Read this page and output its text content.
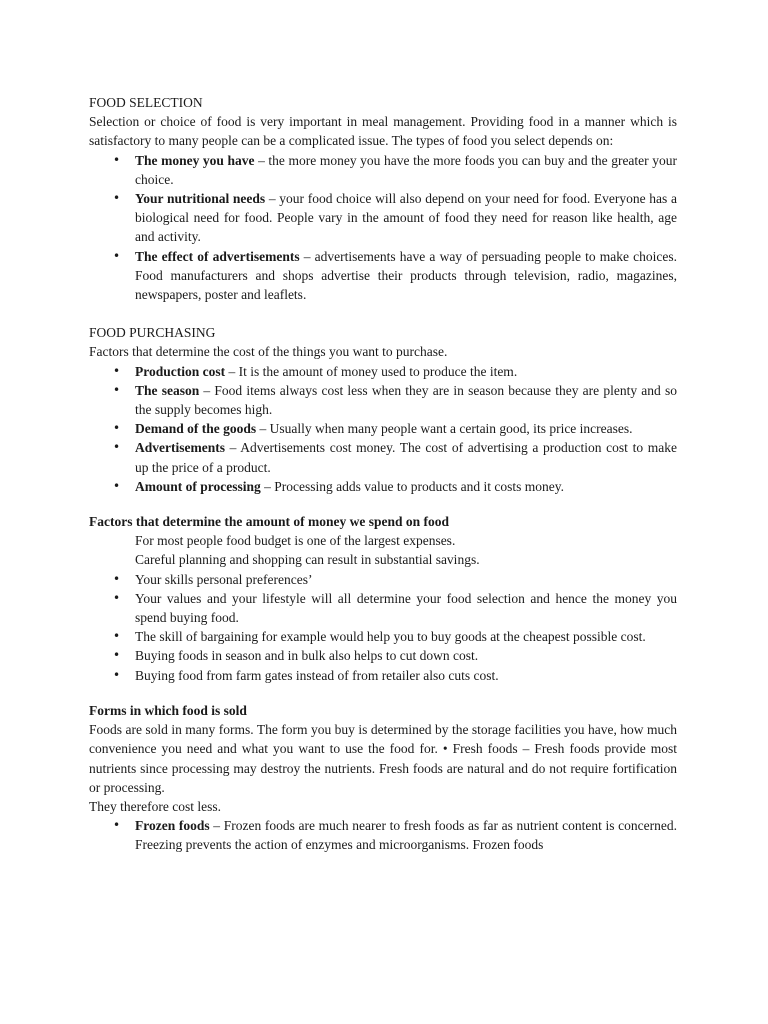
FOOD SELECTION

Selection or choice of food is very important in meal management. Providing food in a manner which is satisfactory to many people can be a complicated issue. The types of food you select depends on:

• The money you have – the more money you have the more foods you can buy and the greater your choice.
• Your nutritional needs – your food choice will also depend on your need for food. Everyone has a biological need for food. People vary in the amount of food they need for reason like health, age and activity.
• The effect of advertisements – advertisements have a way of persuading people to make choices. Food manufacturers and shops advertise their products through television, radio, magazines, newspapers, poster and leaflets.
FOOD PURCHASING

Factors that determine the cost of the things you want to purchase.

• Production cost – It is the amount of money used to produce the item.
• The season – Food items always cost less when they are in season because they are plenty and so the supply becomes high.
• Demand of the goods – Usually when many people want a certain good, its price increases.
• Advertisements – Advertisements cost money. The cost of advertising a production cost to make up the price of a product.
• Amount of processing – Processing adds value to products and it costs money.
Factors that determine the amount of money we spend on food

For most people food budget is one of the largest expenses.

Careful planning and shopping can result in substantial savings.

• Your skills personal preferences’
• Your values and your lifestyle will all determine your food selection and hence the money you spend buying food.
• The skill of bargaining for example would help you to buy goods at the cheapest possible cost.
• Buying foods in season and in bulk also helps to cut down cost.
• Buying food from farm gates instead of from retailer also cuts cost.
Forms in which food is sold

Foods are sold in many forms. The form you buy is determined by the storage facilities you have, how much convenience you need and what you want to use the food for. • Fresh foods – Fresh foods provide most nutrients since processing may destroy the nutrients. Fresh foods are natural and do not require fortification or processing.

They therefore cost less.

• Frozen foods – Frozen foods are much nearer to fresh foods as far as nutrient content is concerned. Freezing prevents the action of enzymes and microorganisms. Frozen foods
